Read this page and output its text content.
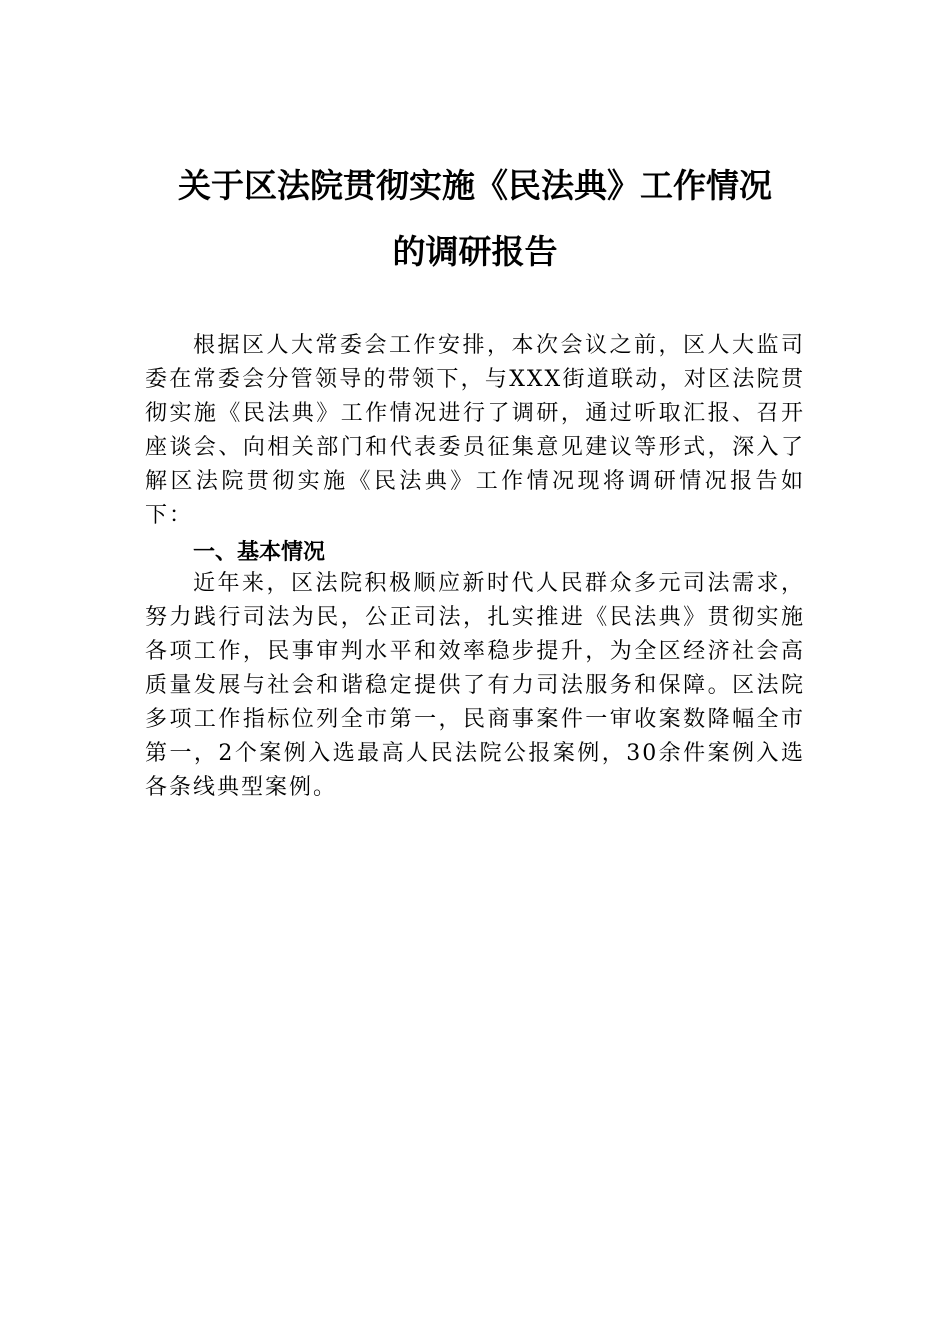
关于区法院贯彻实施《民法典》工作情况
的调研报告

根据区人大常委会工作安排，本次会议之前，区人大监司委在常委会分管领导的带领下，与XXX街道联动，对区法院贯彻实施《民法典》工作情况进行了调研，通过听取汇报、召开座谈会、向相关部门和代表委员征集意见建议等形式，深入了解区法院贯彻实施《民法典》工作情况现将调研情况报告如下：

一、基本情况

近年来，区法院积极顺应新时代人民群众多元司法需求，努力践行司法为民，公正司法，扎实推进《民法典》贯彻实施各项工作，民事审判水平和效率稳步提升，为全区经济社会高质量发展与社会和谐稳定提供了有力司法服务和保障。区法院多项工作指标位列全市第一，民商事案件一审收案数降幅全市第一，2个案例入选最高人民法院公报案例，30余件案例入选各条线典型案例。
